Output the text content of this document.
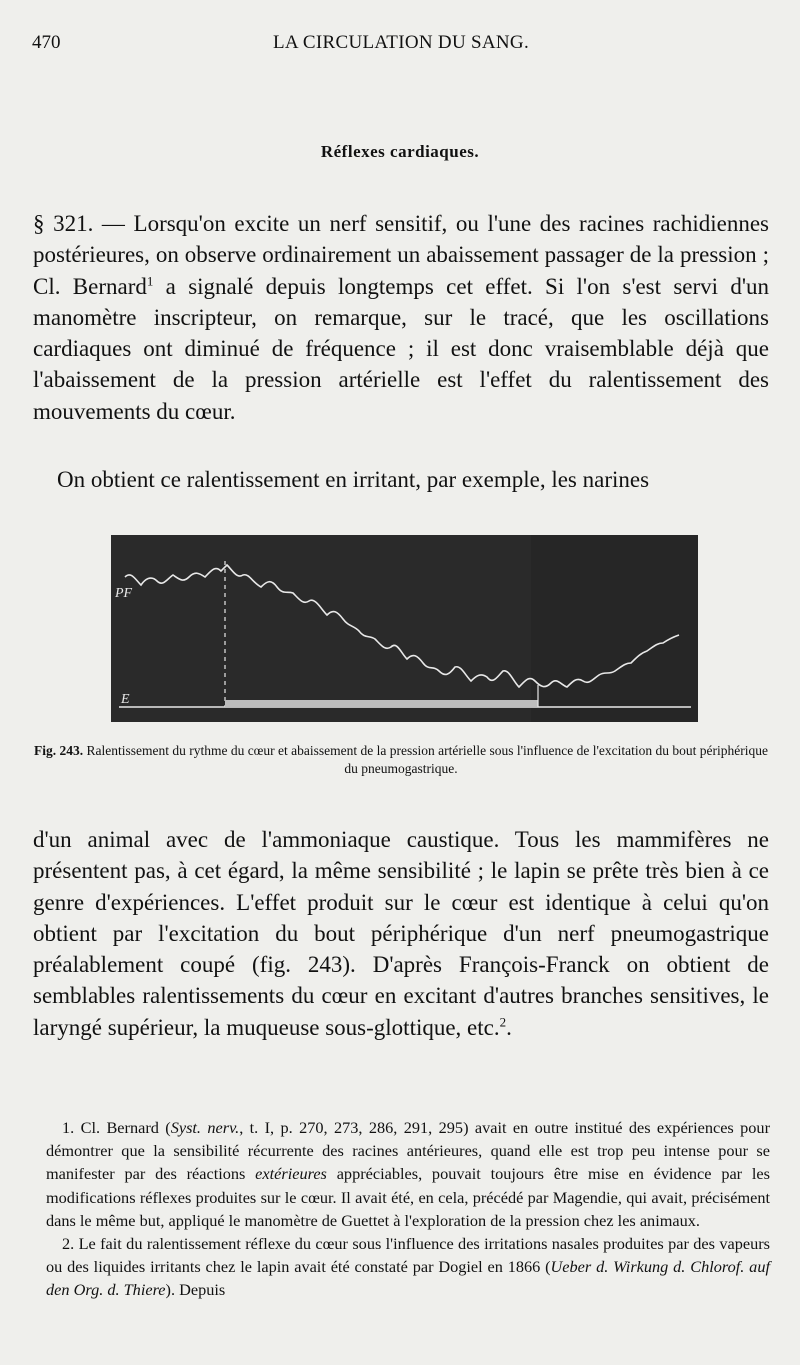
470	LA CIRCULATION DU SANG.
Réflexes cardiaques.

§ 321. — Lorsqu'on excite un nerf sensitif, ou l'une des racines rachidiennes postérieures, on observe ordinairement un abaissement passager de la pression ; Cl. Bernard$^1$ a signalé depuis longtemps cet effet. Si l'on s'est servi d'un manomètre inscripteur, on remarque, sur le tracé, que les oscillations cardiaques ont diminué de fréquence ; il est donc vraisemblable déjà que l'abaissement de la pression artérielle est l'effet du ralentissement des mouvements du cœur.

On obtient ce ralentissement en irritant, par exemple, les narines

PF
E

Fig. 243. Ralentissement du rythme du cœur et abaissement de la pression artérielle sous l'influence de l'excitation du bout périphérique du pneumogastrique.

d'un animal avec de l'ammoniaque caustique. Tous les mammifères ne présentent pas, à cet égard, la même sensibilité ; le lapin se prête très bien à ce genre d'expériences. L'effet produit sur le cœur est identique à celui qu'on obtient par l'excitation du bout périphérique d'un nerf pneumogastrique préalablement coupé (fig. 243). D'après François-Franck on obtient de semblables ralentissements du cœur en excitant d'autres branches sensitives, le laryngé supérieur, la muqueuse sous-glottique, etc.$^2$.

1. Cl. Bernard (Syst. nerv., t. I, p. 270, 273, 286, 291, 295) avait en outre institué des expériences pour démontrer que la sensibilité récurrente des racines antérieures, quand elle est trop peu intense pour se manifester par des réactions extérieures appréciables, pouvait toujours être mise en évidence par les modifications réflexes produites sur le cœur. Il avait été, en cela, précédé par Magendie, qui avait, précisément dans le même but, appliqué le manomètre de Guettet à l'exploration de la pression chez les animaux.

2. Le fait du ralentissement réflexe du cœur sous l'influence des irritations nasales produites par des vapeurs ou des liquides irritants chez le lapin avait été constaté par Dogiel en 1866 (Ueber d. Wirkung d. Chlorof. auf den Org. d. Thiere). Depuis
